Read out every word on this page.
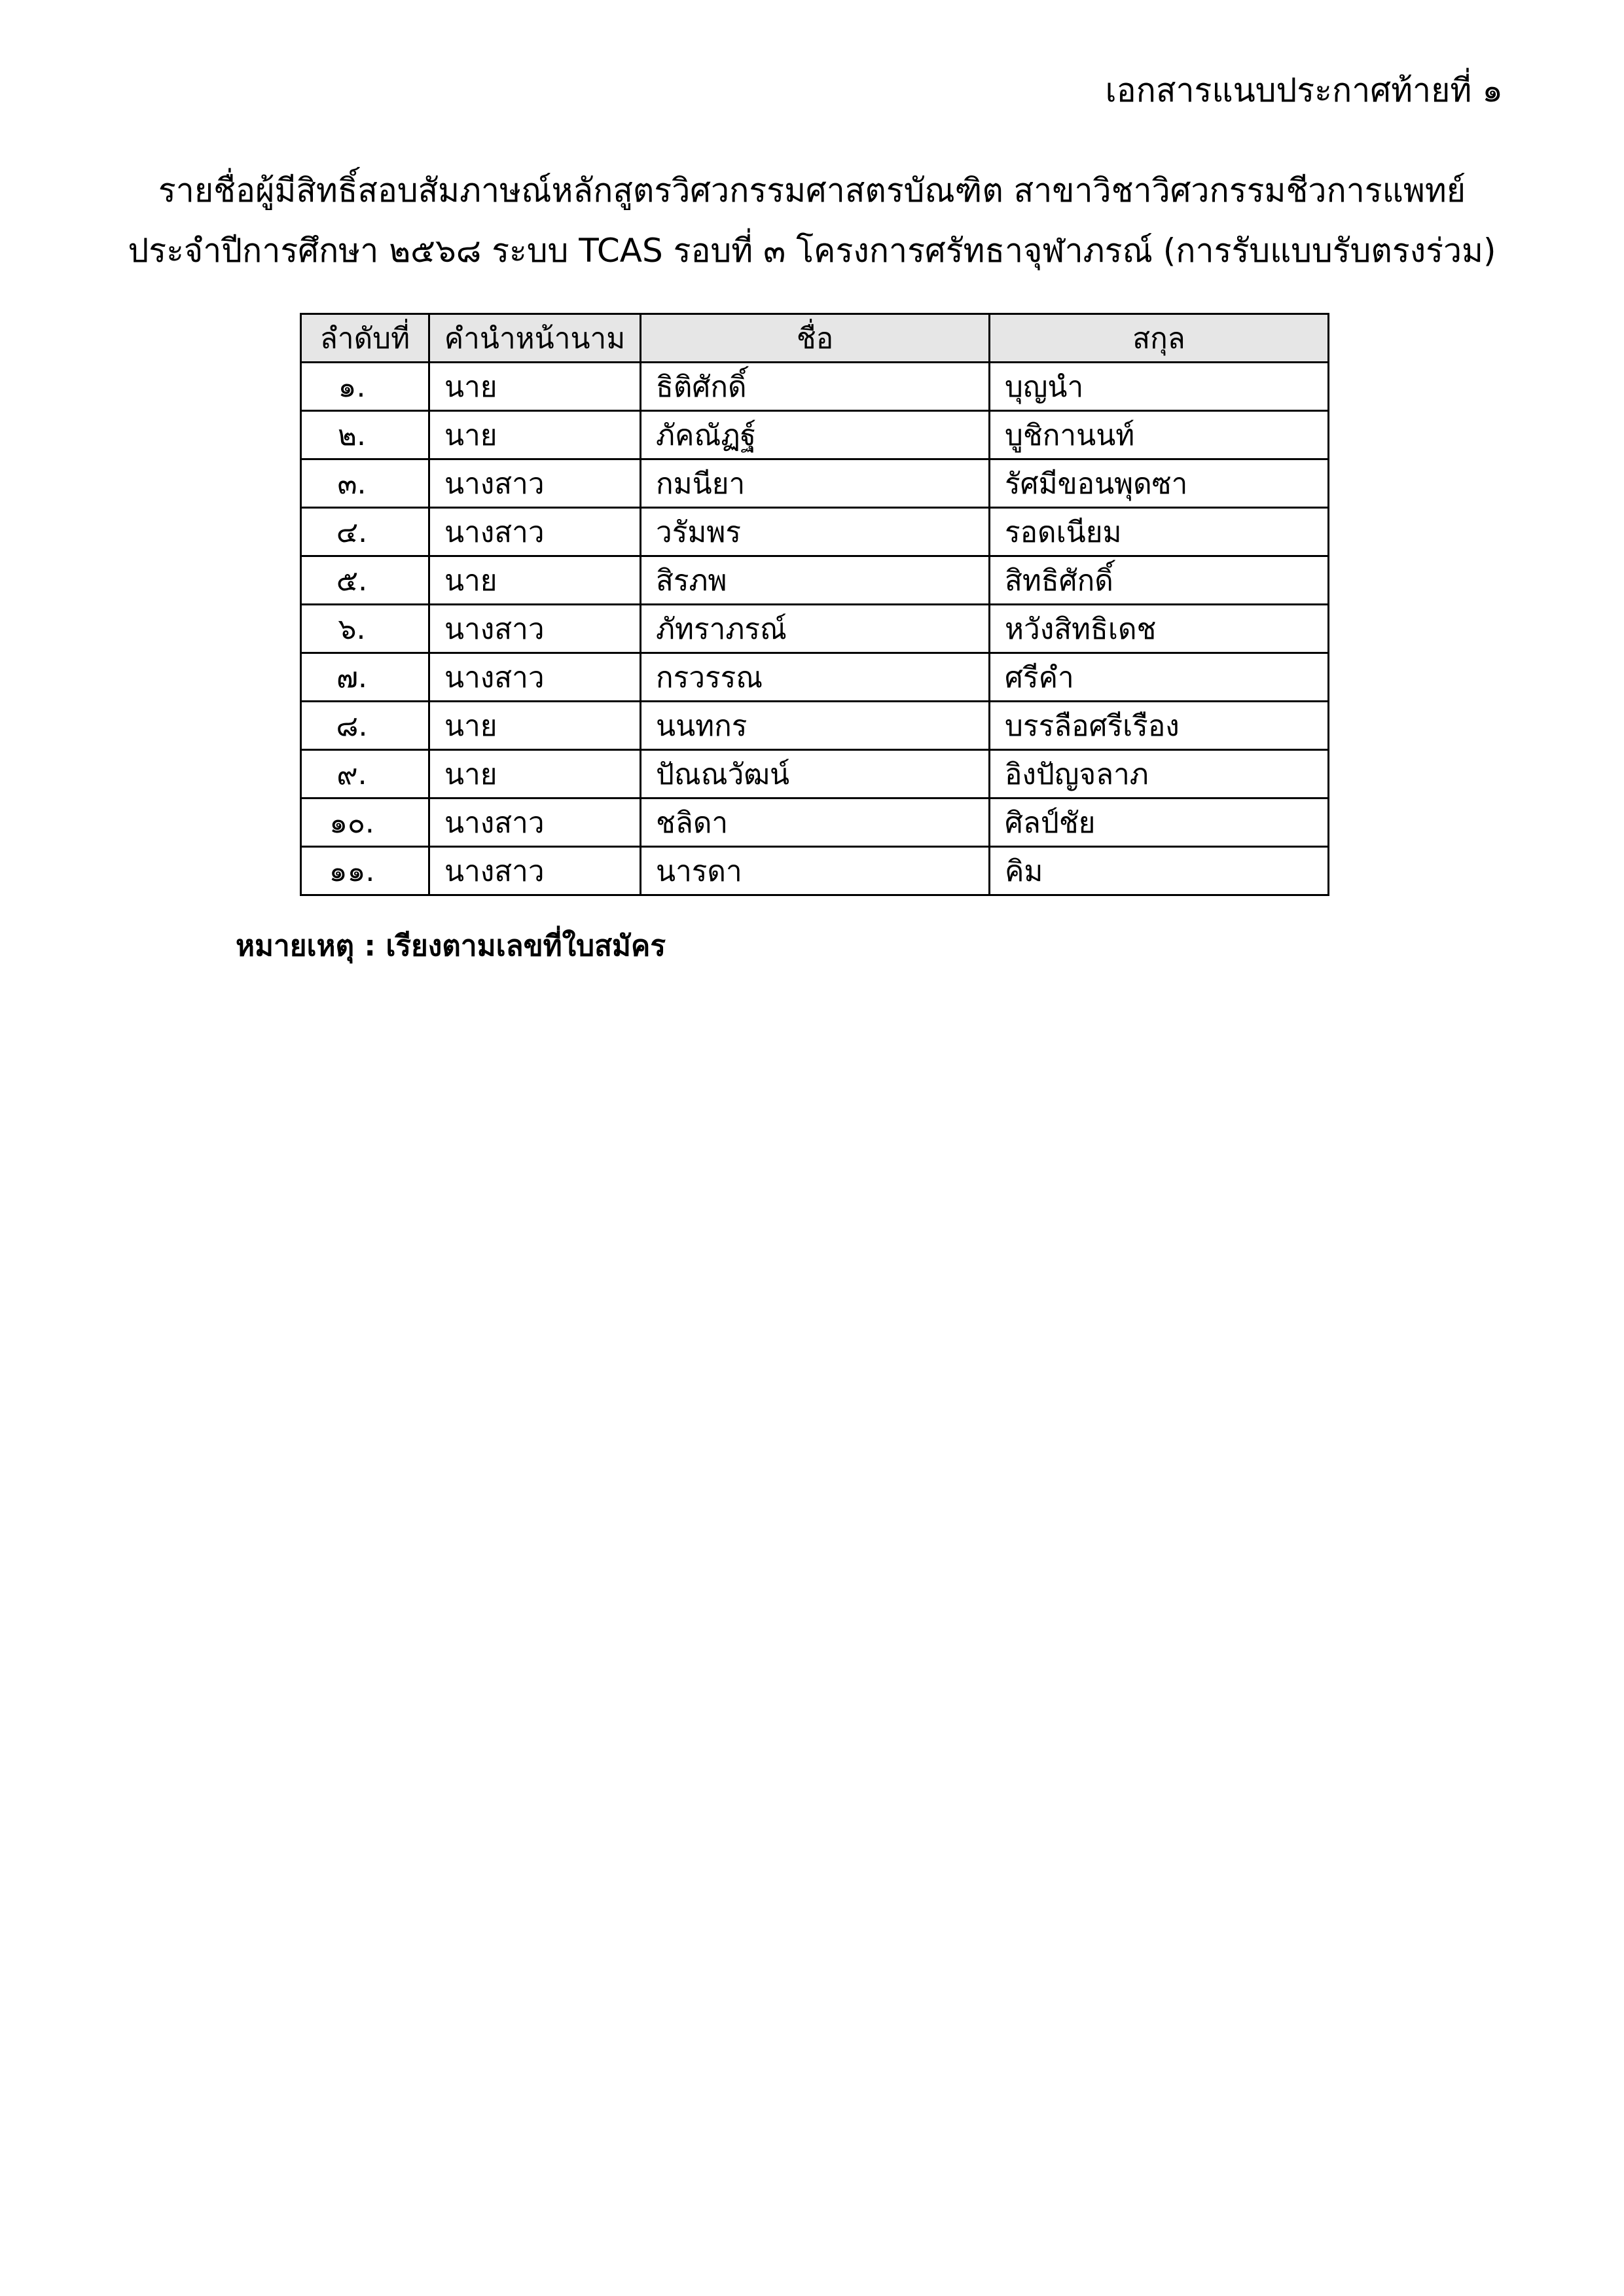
เอกสารแนบประกาศท้ายที่ ๑
รายชื่อผู้มีสิทธิ์สอบสัมภาษณ์หลักสูตรวิศวกรรมศาสตรบัณฑิต สาขาวิชาวิศวกรรมชีวการแพทย์
ประจำปีการศึกษา ๒๕๖๘ ระบบ TCAS รอบที่ ๓ โครงการศรัทธาจุฬาภรณ์ (การรับแบบรับตรงร่วม)
ลำดับที่	คำนำหน้านาม	ชื่อ	สกุล
๑.	นาย	ธิติศักดิ์	บุญนำ
๒.	นาย	ภัคณัฏฐ์	บูชิกานนท์
๓.	นางสาว	กมนียา	รัศมีขอนพุดซา
๔.	นางสาว	วรัมพร	รอดเนียม
๕.	นาย	สิรภพ	สิทธิศักดิ์
๖.	นางสาว	ภัทราภรณ์	หวังสิทธิเดช
๗.	นางสาว	กรวรรณ	ศรีคำ
๘.	นาย	นนทกร	บรรลือศรีเรือง
๙.	นาย	ปัณณวัฒน์	อิงปัญจลาภ
๑๐.	นางสาว	ชลิดา	ศิลป์ชัย
๑๑.	นางสาว	นารดา	คิม
หมายเหตุ : เรียงตามเลขที่ใบสมัคร
